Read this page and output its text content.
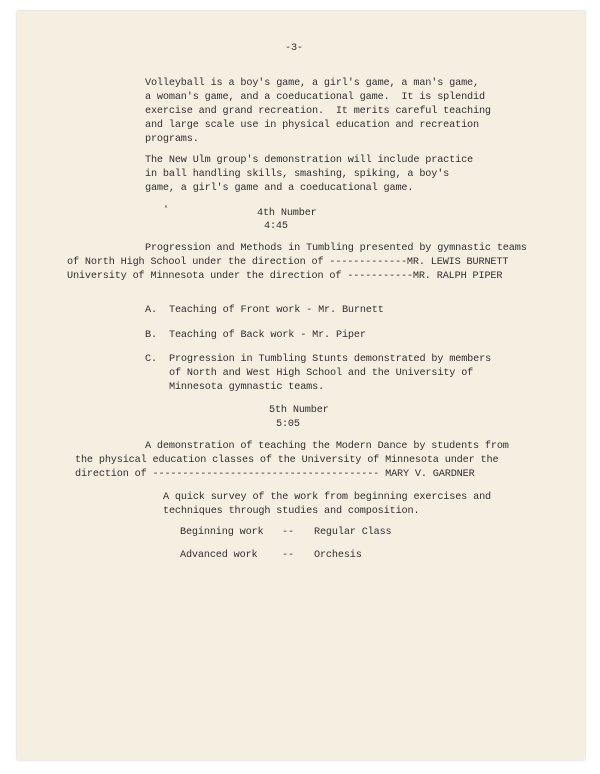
-3-
Volleyball is a boy's game, a girl's game, a man's game,
a woman's game, and a coeducational game.  It is splendid
exercise and grand recreation.  It merits careful teaching
and large scale use in physical education and recreation
programs.
The New Ulm group's demonstration will include practice
in ball handling skills, smashing, spiking, a boy's
game, a girl's game and a coeducational game.
4th Number
4:45
Progression and Methods in Tumbling presented by gymnastic teams
of North High School under the direction of -------------MR. LEWIS BURNETT
University of Minnesota under the direction of -----------MR. RALPH PIPER
A. Teaching of Front work - Mr. Burnett
B. Teaching of Back work - Mr. Piper
C. Progression in Tumbling Stunts demonstrated by members
of North and West High School and the University of
Minnesota gymnastic teams.
5th Number
5:05
A demonstration of teaching the Modern Dance by students from
the physical education classes of the University of Minnesota under the
direction of -------------------------------------- MARY V. GARDNER
A quick survey of the work from beginning exercises and
techniques through studies and composition.
Beginning work -- Regular Class
Advanced work -- Orchesis
